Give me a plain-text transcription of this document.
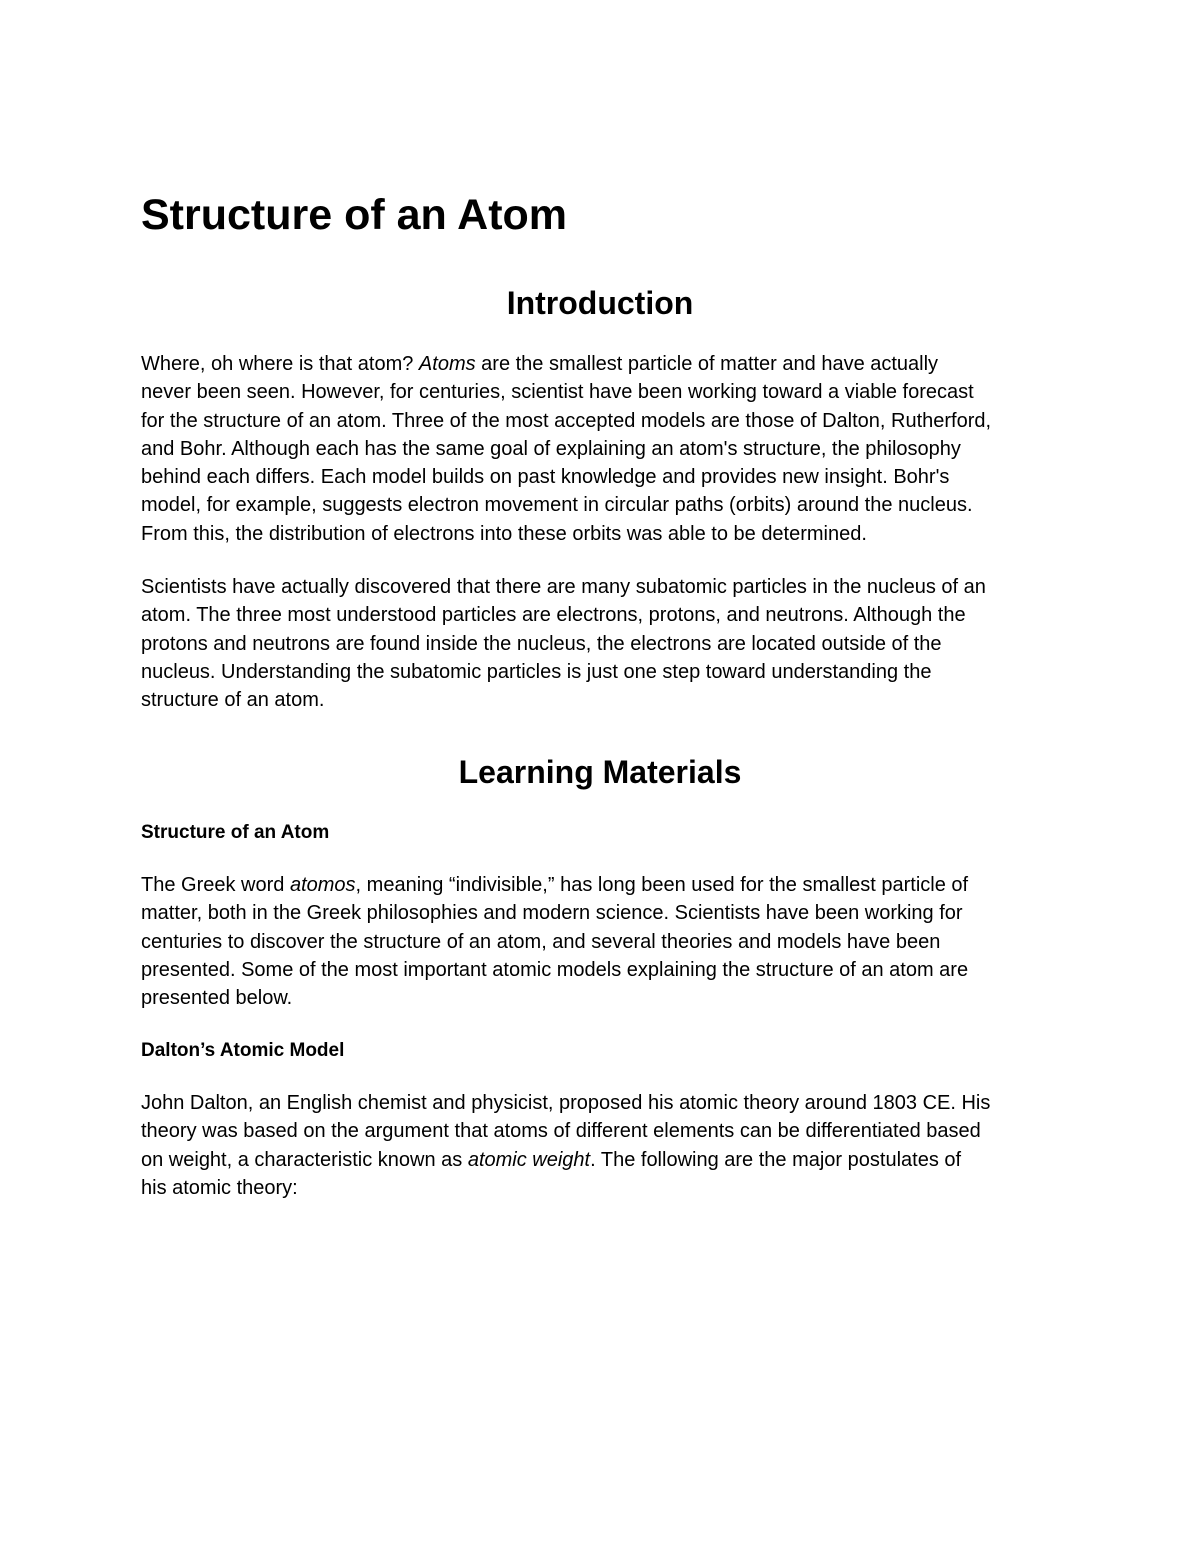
Structure of an Atom
Introduction
Where, oh where is that atom? Atoms are the smallest particle of matter and have actually
never been seen. However, for centuries, scientist have been working toward a viable forecast
for the structure of an atom. Three of the most accepted models are those of Dalton, Rutherford,
and Bohr. Although each has the same goal of explaining an atom's structure, the philosophy
behind each differs. Each model builds on past knowledge and provides new insight. Bohr's
model, for example, suggests electron movement in circular paths (orbits) around the nucleus.
From this, the distribution of electrons into these orbits was able to be determined.
Scientists have actually discovered that there are many subatomic particles in the nucleus of an
atom. The three most understood particles are electrons, protons, and neutrons. Although the
protons and neutrons are found inside the nucleus, the electrons are located outside of the
nucleus. Understanding the subatomic particles is just one step toward understanding the
structure of an atom.
Learning Materials
Structure of an Atom
The Greek word atomos, meaning “indivisible,” has long been used for the smallest particle of
matter, both in the Greek philosophies and modern science. Scientists have been working for
centuries to discover the structure of an atom, and several theories and models have been
presented. Some of the most important atomic models explaining the structure of an atom are
presented below.
Dalton’s Atomic Model
John Dalton, an English chemist and physicist, proposed his atomic theory around 1803 CE. His
theory was based on the argument that atoms of different elements can be differentiated based
on weight, a characteristic known as atomic weight. The following are the major postulates of
his atomic theory:
